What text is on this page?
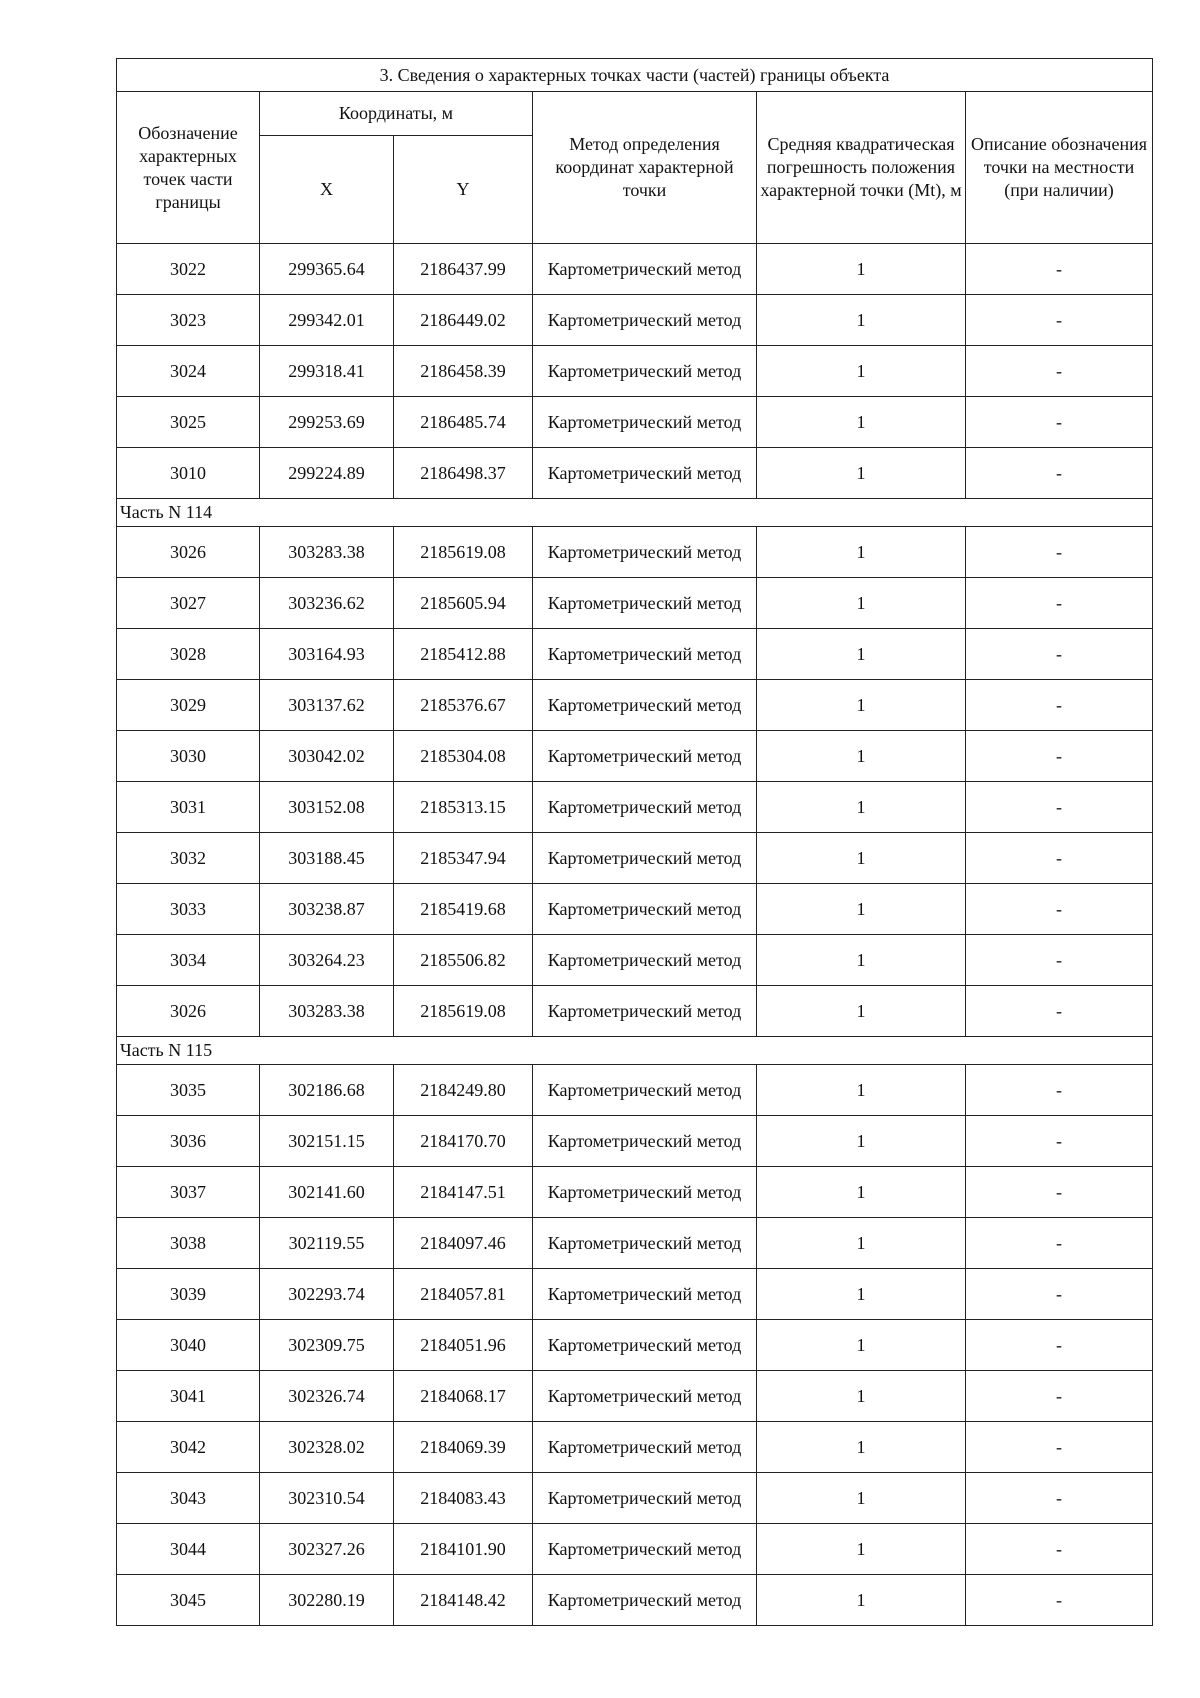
3. Сведения о характерных точках части (частей) границы объекта					
Обозначение характерных точек части границы	Координаты, м		Метод определения координат характерной точки	Средняя квадратическая погрешность положения характерной точки (Mt), м	Описание обозначения точки на местности (при наличии)
	X	Y			
3022	299365.64	2186437.99	Картометрический метод	1	-
3023	299342.01	2186449.02	Картометрический метод	1	-
3024	299318.41	2186458.39	Картометрический метод	1	-
3025	299253.69	2186485.74	Картометрический метод	1	-
3010	299224.89	2186498.37	Картометрический метод	1	-
Часть N 114					
3026	303283.38	2185619.08	Картометрический метод	1	-
3027	303236.62	2185605.94	Картометрический метод	1	-
3028	303164.93	2185412.88	Картометрический метод	1	-
3029	303137.62	2185376.67	Картометрический метод	1	-
3030	303042.02	2185304.08	Картометрический метод	1	-
3031	303152.08	2185313.15	Картометрический метод	1	-
3032	303188.45	2185347.94	Картометрический метод	1	-
3033	303238.87	2185419.68	Картометрический метод	1	-
3034	303264.23	2185506.82	Картометрический метод	1	-
3026	303283.38	2185619.08	Картометрический метод	1	-
Часть N 115					
3035	302186.68	2184249.80	Картометрический метод	1	-
3036	302151.15	2184170.70	Картометрический метод	1	-
3037	302141.60	2184147.51	Картометрический метод	1	-
3038	302119.55	2184097.46	Картометрический метод	1	-
3039	302293.74	2184057.81	Картометрический метод	1	-
3040	302309.75	2184051.96	Картометрический метод	1	-
3041	302326.74	2184068.17	Картометрический метод	1	-
3042	302328.02	2184069.39	Картометрический метод	1	-
3043	302310.54	2184083.43	Картометрический метод	1	-
3044	302327.26	2184101.90	Картометрический метод	1	-
3045	302280.19	2184148.42	Картометрический метод	1	-
